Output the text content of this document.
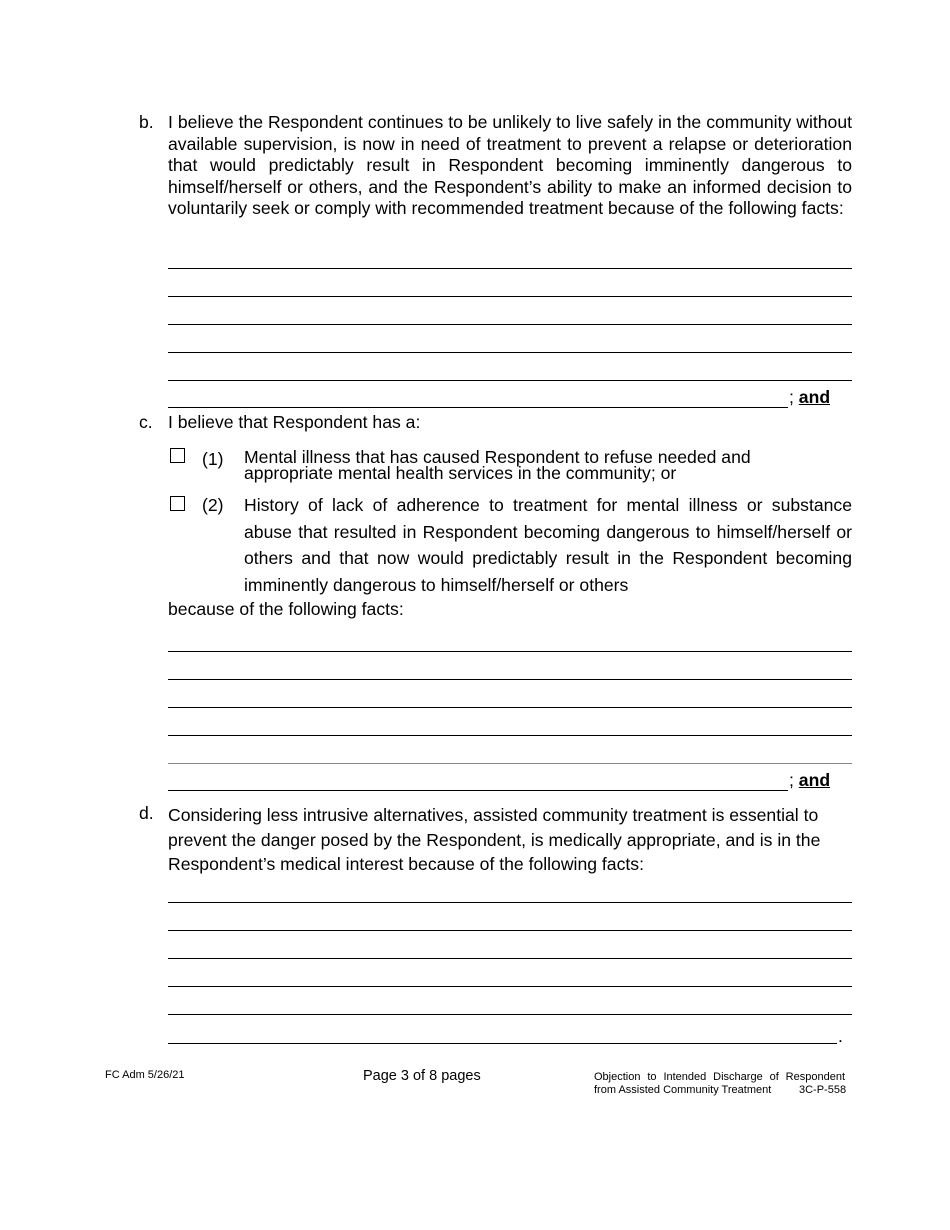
b. I believe the Respondent continues to be unlikely to live safely in the community without available supervision, is now in need of treatment to prevent a relapse or deterioration that would predictably result in Respondent becoming imminently dangerous to himself/herself or others, and the Respondent’s ability to make an informed decision to voluntarily seek or comply with recommended treatment because of the following facts:
; and
c. I believe that Respondent has a:
(1) Mental illness that has caused Respondent to refuse needed and appropriate mental health services in the community; or
(2) History of lack of adherence to treatment for mental illness or substance abuse that resulted in Respondent becoming dangerous to himself/herself or others and that now would predictably result in the Respondent becoming imminently dangerous to himself/herself or others
because of the following facts:
; and
d. Considering less intrusive alternatives, assisted community treatment is essential to prevent the danger posed by the Respondent, is medically appropriate, and is in the Respondent’s medical interest because of the following facts:
.
FC Adm 5/26/21	Page 3 of 8 pages	Objection to Intended Discharge of Respondent
from Assisted Community Treatment	3C-P-558
